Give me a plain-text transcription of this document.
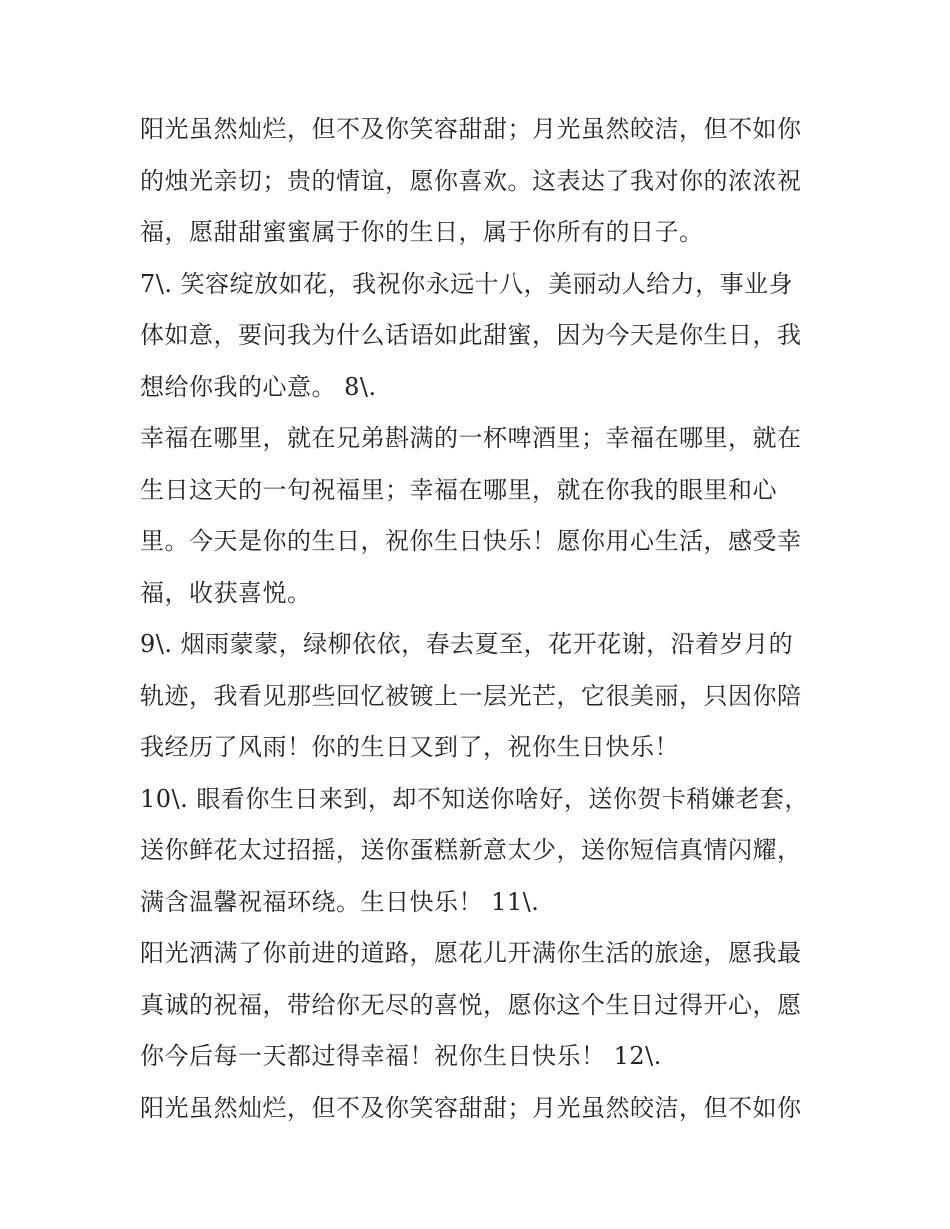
阳光虽然灿烂，但不及你笑容甜甜；月光虽然皎洁，但不如你
的烛光亲切；贵的情谊，愿你喜欢。这表达了我对你的浓浓祝
福，愿甜甜蜜蜜属于你的生日，属于你所有的日子。
7\. 笑容绽放如花，我祝你永远十八，美丽动人给力，事业身
体如意，要问我为什么话语如此甜蜜，因为今天是你生日，我
想给你我的心意。 8\.
幸福在哪里，就在兄弟斟满的一杯啤酒里；幸福在哪里，就在
生日这天的一句祝福里；幸福在哪里，就在你我的眼里和心
里。今天是你的生日，祝你生日快乐！愿你用心生活，感受幸
福，收获喜悦。
9\. 烟雨蒙蒙，绿柳依依，春去夏至，花开花谢，沿着岁月的
轨迹，我看见那些回忆被镀上一层光芒，它很美丽，只因你陪
我经历了风雨！你的生日又到了，祝你生日快乐！
10\. 眼看你生日来到，却不知送你啥好，送你贺卡稍嫌老套，
送你鲜花太过招摇，送你蛋糕新意太少，送你短信真情闪耀，
满含温馨祝福环绕。生日快乐！ 11\.
阳光洒满了你前进的道路，愿花儿开满你生活的旅途，愿我最
真诚的祝福，带给你无尽的喜悦，愿你这个生日过得开心，愿
你今后每一天都过得幸福！祝你生日快乐！ 12\.
阳光虽然灿烂，但不及你笑容甜甜；月光虽然皎洁，但不如你
